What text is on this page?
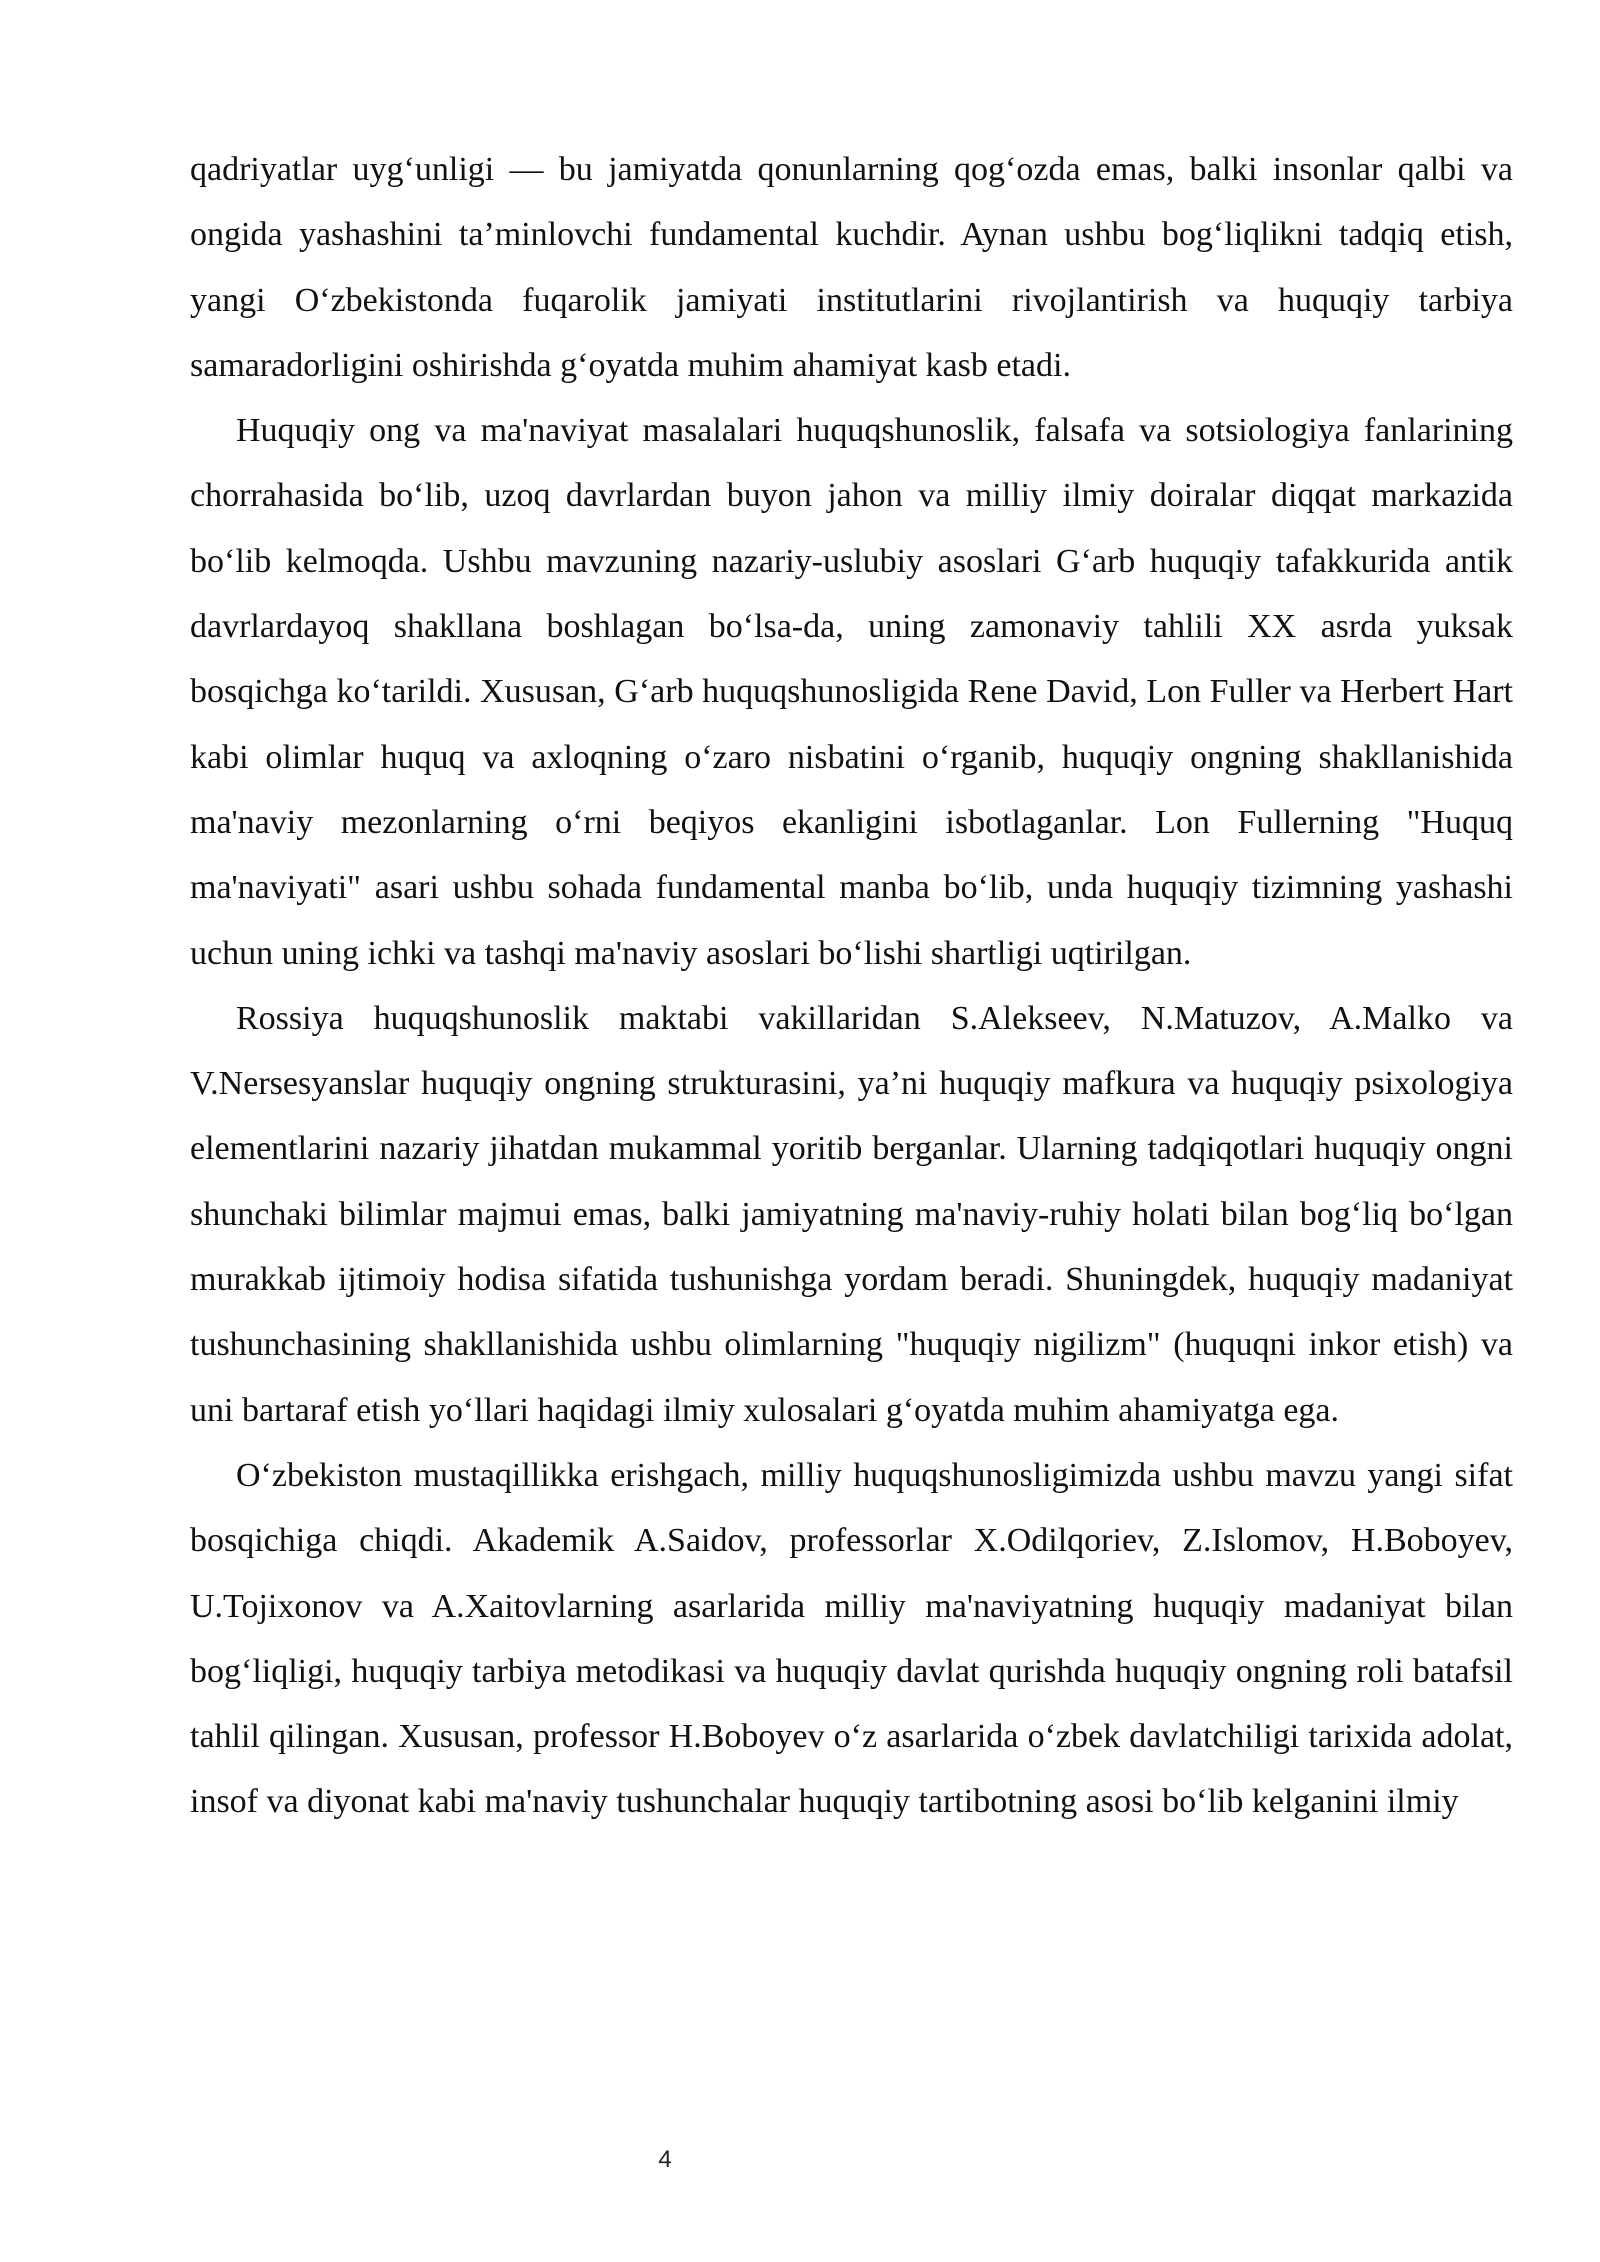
qadriyatlar uyg‘unligi — bu jamiyatda qonunlarning qog‘ozda emas, balki insonlar qalbi va ongida yashashini ta’minlovchi fundamental kuchdir. Aynan ushbu bog‘liqlikni tadqiq etish, yangi O‘zbekistonda fuqarolik jamiyati institutlarini rivojlantirish va huquqiy tarbiya samaradorligini oshirishda g‘oyatda muhim ahamiyat kasb etadi.

Huquqiy ong va ma'naviyat masalalari huquqshunoslik, falsafa va sotsiologiya fanlarining chorrahasida bo‘lib, uzoq davrlardan buyon jahon va milliy ilmiy doiralar diqqat markazida bo‘lib kelmoqda. Ushbu mavzuning nazariy-uslubiy asoslari G‘arb huquqiy tafakkurida antik davrlardayoq shakllana boshlagan bo‘lsa-da, uning zamonaviy tahlili XX asrda yuksak bosqichga ko‘tarildi. Xususan, G‘arb huquqshunosligida Rene David, Lon Fuller va Herbert Hart kabi olimlar huquq va axloqning o‘zaro nisbatini o‘rganib, huquqiy ongning shakllanishida ma'naviy mezonlarning o‘rni beqiyos ekanligini isbotlaganlar. Lon Fullerning "Huquq ma'naviyati" asari ushbu sohada fundamental manba bo‘lib, unda huquqiy tizimning yashashi uchun uning ichki va tashqi ma'naviy asoslari bo‘lishi shartligi uqtirilgan.

Rossiya huquqshunoslik maktabi vakillaridan S.Alekseev, N.Matuzov, A.Malko va V.Nersesyanslar huquqiy ongning strukturasini, ya’ni huquqiy mafkura va huquqiy psixologiya elementlarini nazariy jihatdan mukammal yoritib berganlar. Ularning tadqiqotlari huquqiy ongni shunchaki bilimlar majmui emas, balki jamiyatning ma'naviy-ruhiy holati bilan bog‘liq bo‘lgan murakkab ijtimoiy hodisa sifatida tushunishga yordam beradi. Shuningdek, huquqiy madaniyat tushunchasining shakllanishida ushbu olimlarning "huquqiy nigilizm" (huquqni inkor etish) va uni bartaraf etish yo‘llari haqidagi ilmiy xulosalari g‘oyatda muhim ahamiyatga ega.

O‘zbekiston mustaqillikka erishgach, milliy huquqshunosligimizda ushbu mavzu yangi sifat bosqichiga chiqdi. Akademik A.Saidov, professorlar X.Odilqoriev, Z.Islomov, H.Boboyev, U.Tojixonov va A.Xaitovlarning asarlarida milliy ma'naviyatning huquqiy madaniyat bilan bog‘liqligi, huquqiy tarbiya metodikasi va huquqiy davlat qurishda huquqiy ongning roli batafsil tahlil qilingan. Xususan, professor H.Boboyev o‘z asarlarida o‘zbek davlatchiligi tarixida adolat, insof va diyonat kabi ma'naviy tushunchalar huquqiy tartibotning asosi bo‘lib kelganini ilmiy

4
